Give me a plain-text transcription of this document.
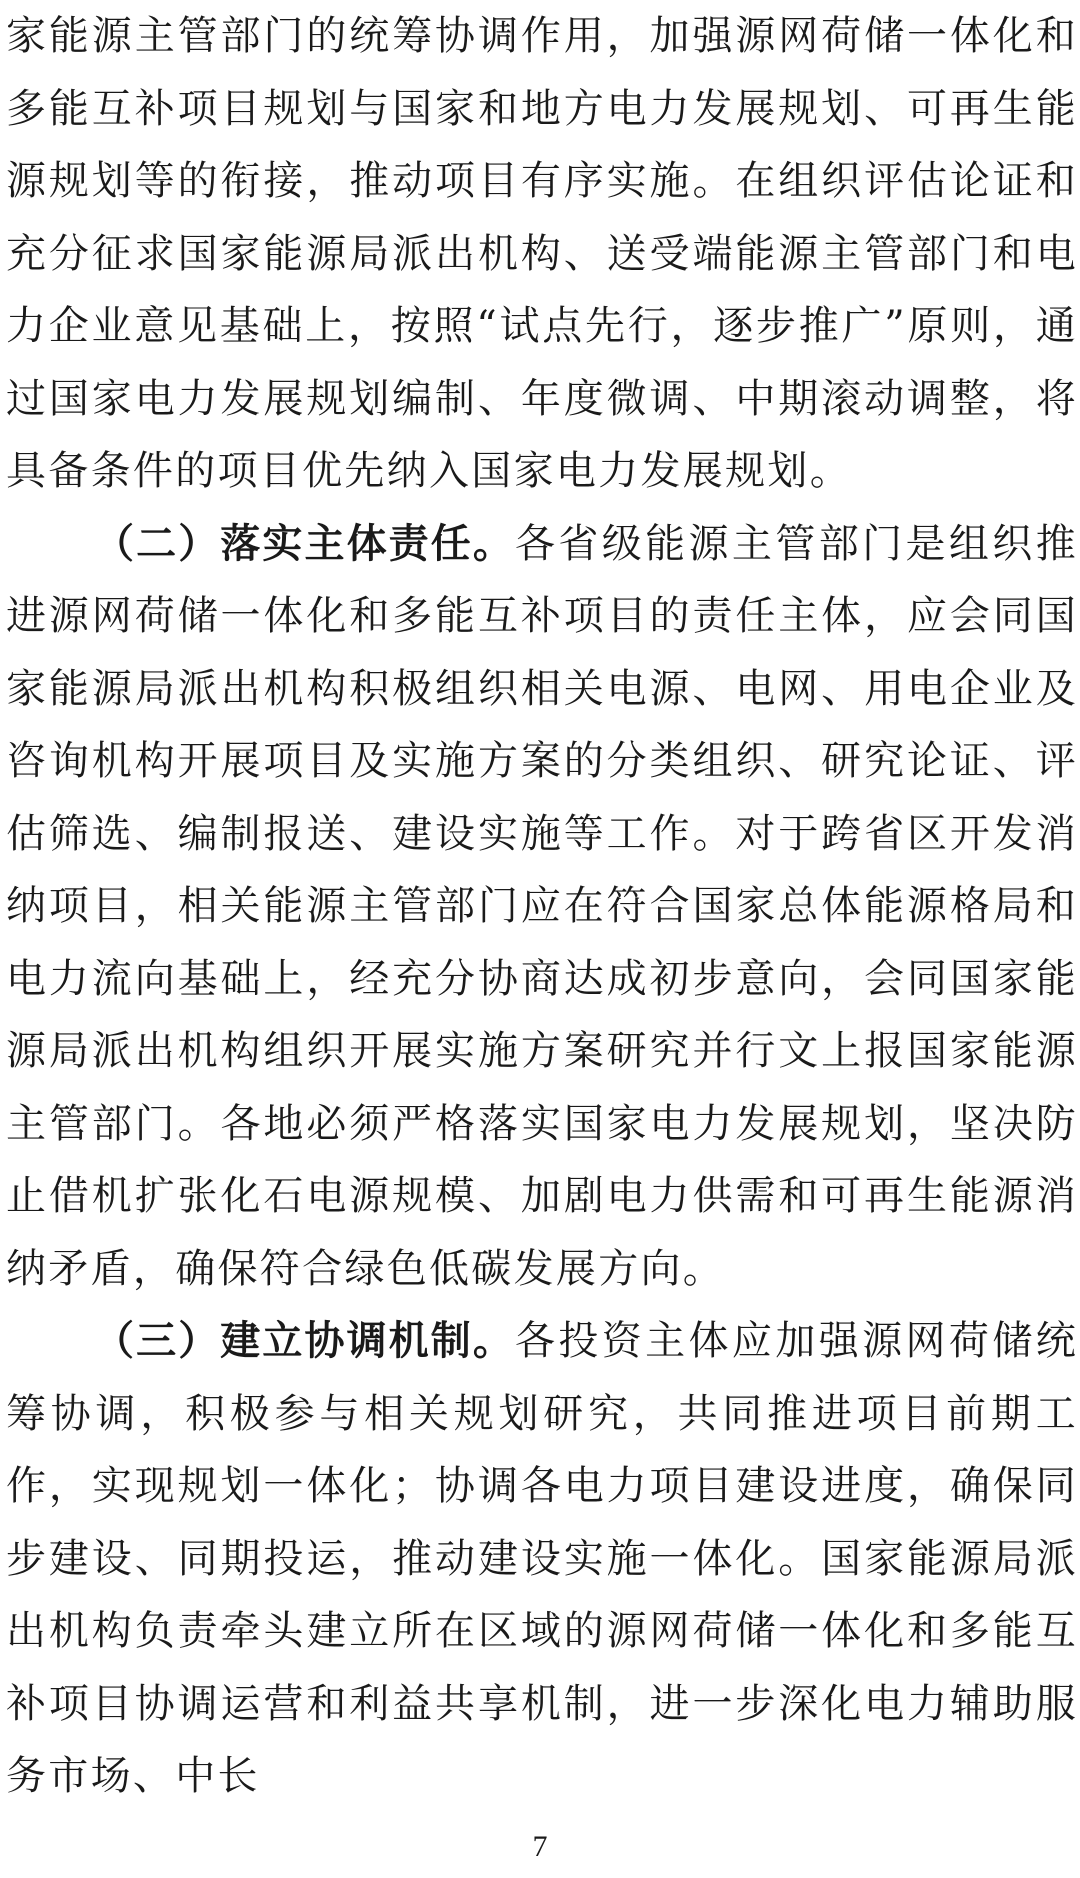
家能源主管部门的统筹协调作用，加强源网荷储一体化和多能互补项目规划与国家和地方电力发展规划、可再生能源规划等的衔接，推动项目有序实施。在组织评估论证和充分征求国家能源局派出机构、送受端能源主管部门和电力企业意见基础上，按照“试点先行，逐步推广”原则，通过国家电力发展规划编制、年度微调、中期滚动调整，将具备条件的项目优先纳入国家电力发展规划。

（二）落实主体责任。各省级能源主管部门是组织推进源网荷储一体化和多能互补项目的责任主体，应会同国家能源局派出机构积极组织相关电源、电网、用电企业及咨询机构开展项目及实施方案的分类组织、研究论证、评估筛选、编制报送、建设实施等工作。对于跨省区开发消纳项目，相关能源主管部门应在符合国家总体能源格局和电力流向基础上，经充分协商达成初步意向，会同国家能源局派出机构组织开展实施方案研究并行文上报国家能源主管部门。各地必须严格落实国家电力发展规划，坚决防止借机扩张化石电源规模、加剧电力供需和可再生能源消纳矛盾，确保符合绿色低碳发展方向。

（三）建立协调机制。各投资主体应加强源网荷储统筹协调，积极参与相关规划研究，共同推进项目前期工作，实现规划一体化；协调各电力项目建设进度，确保同步建设、同期投运，推动建设实施一体化。国家能源局派出机构负责牵头建立所在区域的源网荷储一体化和多能互补项目协调运营和利益共享机制，进一步深化电力辅助服务市场、中长

7
